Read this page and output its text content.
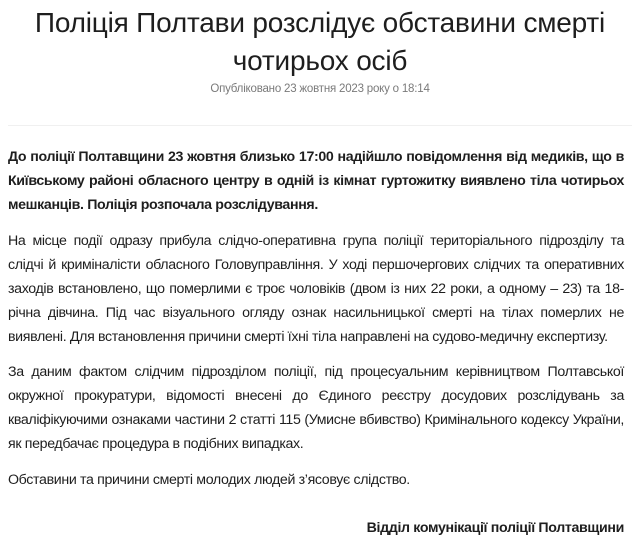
Поліція Полтави розслідує обставини смерті чотирьох осіб
Опубліковано 23 жовтня 2023 року о 18:14

До поліції Полтавщини 23 жовтня близько 17:00 надійшло повідомлення від медиків, що в Київському районі обласного центру в одній із кімнат гуртожитку виявлено тіла чотирьох мешканців. Поліція розпочала розслідування.

На місце події одразу прибула слідчо-оперативна група поліції територіального підрозділу та слідчі й криміналісти обласного Головуправління. У ході першочергових слідчих та оперативних заходів встановлено, що померлими є троє чоловіків (двом із них 22 роки, а одному – 23) та 18-річна дівчина. Під час візуального огляду ознак насильницької смерті на тілах померлих не виявлені. Для встановлення причини смерті їхні тіла направлені на судово-медичну експертизу.

За даним фактом слідчим підрозділом поліції, під процесуальним керівництвом Полтавської окружної прокуратури, відомості внесені до Єдиного реєстру досудових розслідувань за кваліфікуючими ознаками частини 2 статті 115 (Умисне вбивство) Кримінального кодексу України, як передбачає процедура в подібних випадках.

Обставини та причини смерті молодих людей з’ясовує слідство.

Відділ комунікації поліції Полтавщини
